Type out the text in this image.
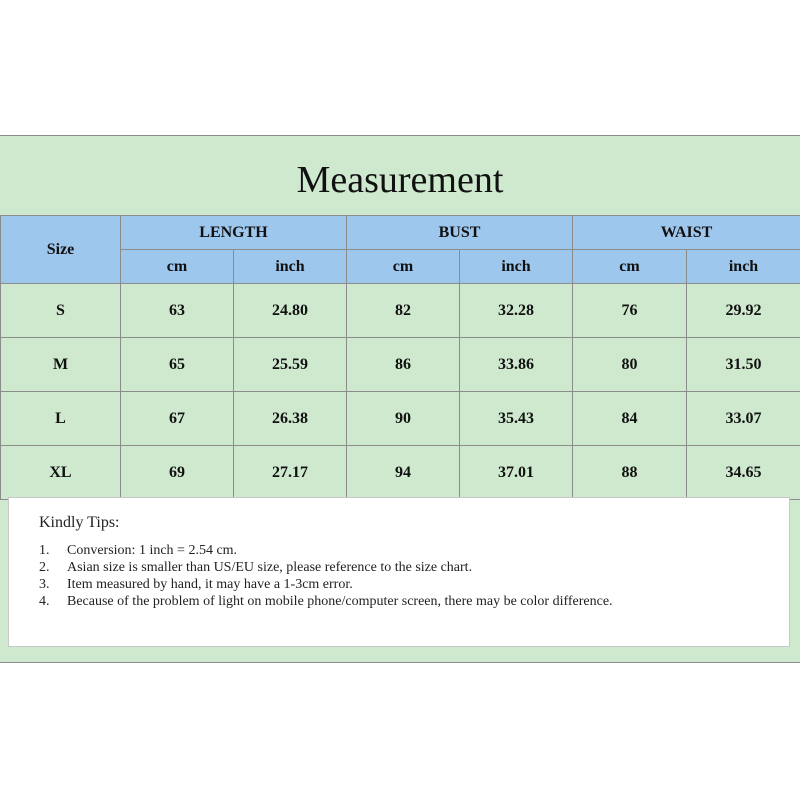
Measurement
Size	LENGTH		BUST		WAIST	
	cm	inch	cm	inch	cm	inch
S	63	24.80	82	32.28	76	29.92
M	65	25.59	86	33.86	80	31.50
L	67	26.38	90	35.43	84	33.07
XL	69	27.17	94	37.01	88	34.65
Kindly Tips:
1.	Conversion: 1 inch = 2.54 cm.
2.	Asian size is smaller than US/EU size, please reference to the size chart.
3.	Item measured by hand, it may have a 1-3cm error.
4.	Because of the problem of light on mobile phone/computer screen, there may be color difference.
